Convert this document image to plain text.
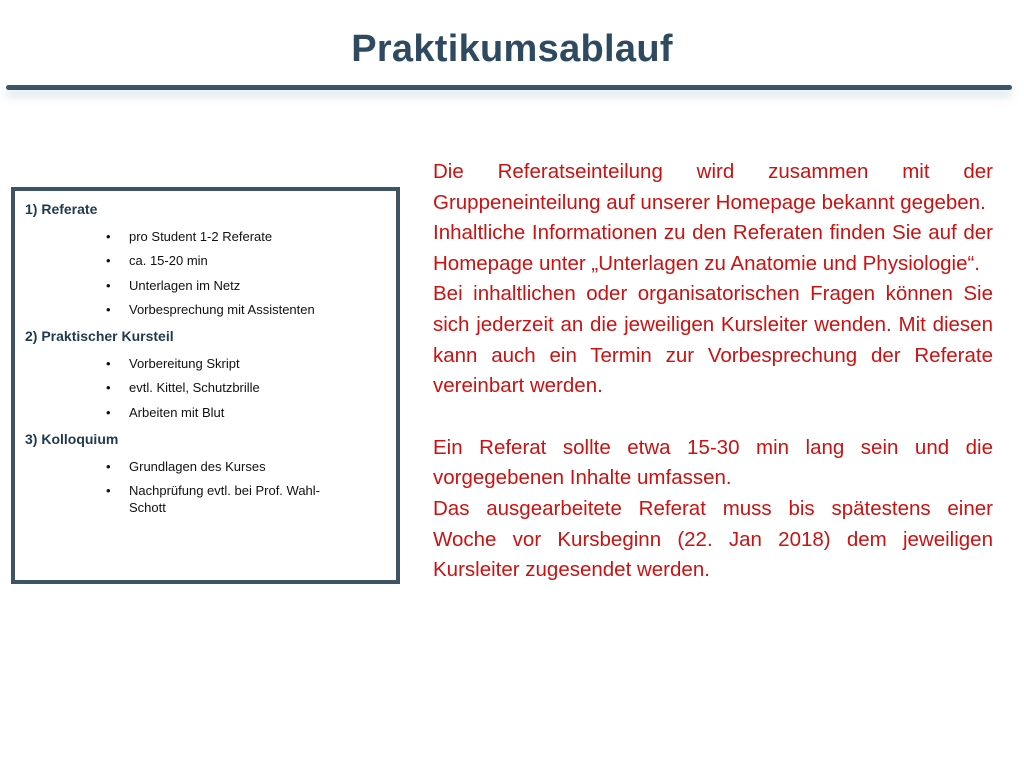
Praktikumsablauf
1) Referate
• pro Student 1-2 Referate
• ca. 15-20 min
• Unterlagen im Netz
• Vorbesprechung mit Assistenten
2) Praktischer Kursteil
• Vorbereitung Skript
• evtl. Kittel, Schutzbrille
• Arbeiten mit Blut
3) Kolloquium
• Grundlagen des Kurses
• Nachprüfung evtl. bei Prof. Wahl-Schott

Die Referatseinteilung wird zusammen mit der Gruppeneinteilung auf unserer Homepage bekannt gegeben.

Inhaltliche Informationen zu den Referaten finden Sie auf der Homepage unter „Unterlagen zu Anatomie und Physiologie“.

Bei inhaltlichen oder organisatorischen Fragen können Sie sich jederzeit an die jeweiligen Kursleiter wenden. Mit diesen kann auch ein Termin zur Vorbesprechung der Referate vereinbart werden.

Ein Referat sollte etwa 15-30 min lang sein und die vorgegebenen Inhalte umfassen.

Das ausgearbeitete Referat muss bis spätestens einer Woche vor Kursbeginn (22. Jan 2018) dem jeweiligen Kursleiter zugesendet werden.
